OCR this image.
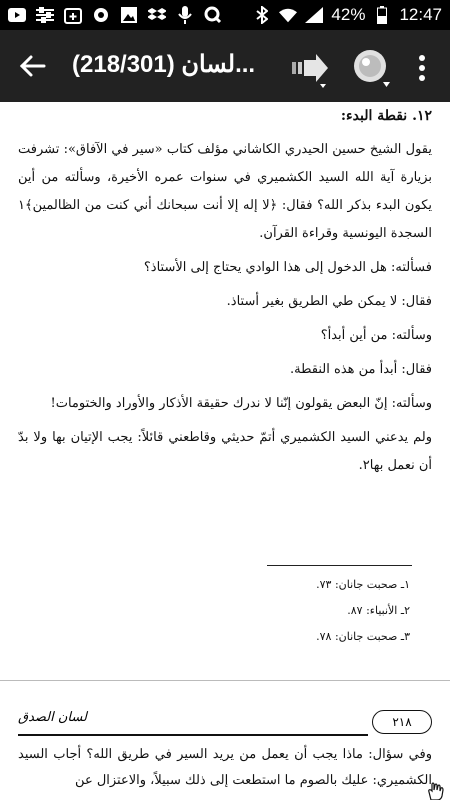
42% 12:47
(218/301) لسان...
١٢. نقطة البدء:
يقول الشيخ حسين الحيدري الكاشاني مؤلف كتاب «سير في الآفاق»: تشرفت بزيارة آية الله السيد الكشميري في سنوات عمره الأخيرة، وسألته من أين يكون البدء بذكر الله؟ فقال: ﴿لا إله إلا أنت سبحانك أني كنت من الظالمين﴾١ السجدة اليونسية وقراءة القرآن.
فسألته: هل الدخول إلى هذا الوادي يحتاج إلى الأستاذ؟
فقال: لا يمكن طي الطريق بغير أستاذ.
وسألته: من أين أبدأ؟
فقال: أبدأ من هذه النقطة.
وسألته: إنّ البعض يقولون إنّنا لا ندرك حقيقة الأذكار والأوراد والختومات!
ولم يدعني السيد الكشميري أتمّ حديثي وقاطعني قائلاً: يجب الإتيان بها ولا بدّ أن نعمل بها٢.
١ـ صحبت جانان: ٧٣.
٢ـ الأنبياء: ٨٧.
٣ـ صحبت جانان: ٧٨.
٢١٨
لسان الصدق
وفي سؤال: ماذا يجب أن يعمل من يريد السير في طريق الله؟ أجاب السيد الكشميري: عليك بالصوم ما استطعت إلى ذلك سبيلاً، والاعتزال عن
